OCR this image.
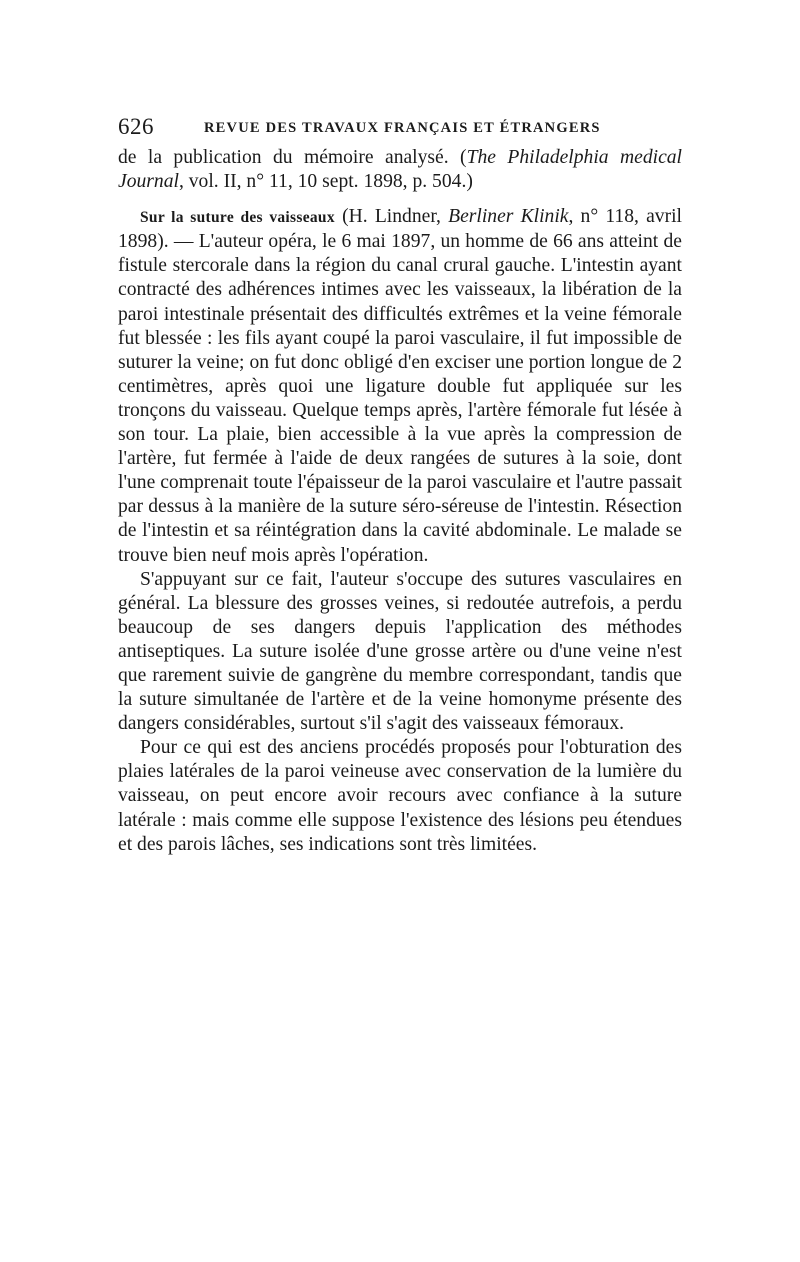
626	REVUE DES TRAVAUX FRANÇAIS ET ÉTRANGERS

de la publication du mémoire analysé. (The Philadelphia medical Journal, vol. II, n° 11, 10 sept. 1898, p. 504.)

Sur la suture des vaisseaux (H. Lindner, Berliner Klinik, n° 118, avril 1898). — L'auteur opéra, le 6 mai 1897, un homme de 66 ans atteint de fistule stercorale dans la région du canal crural gauche. L'intestin ayant contracté des adhérences intimes avec les vaisseaux, la libération de la paroi intestinale présentait des difficultés extrêmes et la veine fémorale fut blessée : les fils ayant coupé la paroi vasculaire, il fut impossible de suturer la veine; on fut donc obligé d'en exciser une portion longue de 2 centimètres, après quoi une ligature double fut appliquée sur les tronçons du vaisseau. Quelque temps après, l'artère fémorale fut lésée à son tour. La plaie, bien accessible à la vue après la compression de l'artère, fut fermée à l'aide de deux rangées de sutures à la soie, dont l'une comprenait toute l'épaisseur de la paroi vasculaire et l'autre passait par dessus à la manière de la suture séro-séreuse de l'intestin. Résection de l'intestin et sa réintégration dans la cavité abdominale. Le malade se trouve bien neuf mois après l'opération.

S'appuyant sur ce fait, l'auteur s'occupe des sutures vasculaires en général. La blessure des grosses veines, si redoutée autrefois, a perdu beaucoup de ses dangers depuis l'application des méthodes antiseptiques. La suture isolée d'une grosse artère ou d'une veine n'est que rarement suivie de gangrène du membre correspondant, tandis que la suture simultanée de l'artère et de la veine homonyme présente des dangers considérables, surtout s'il s'agit des vaisseaux fémoraux.

Pour ce qui est des anciens procédés proposés pour l'obturation des plaies latérales de la paroi veineuse avec conservation de la lumière du vaisseau, on peut encore avoir recours avec confiance à la suture latérale : mais comme elle suppose l'existence des lésions peu étendues et des parois lâches, ses indications sont très limitées.
